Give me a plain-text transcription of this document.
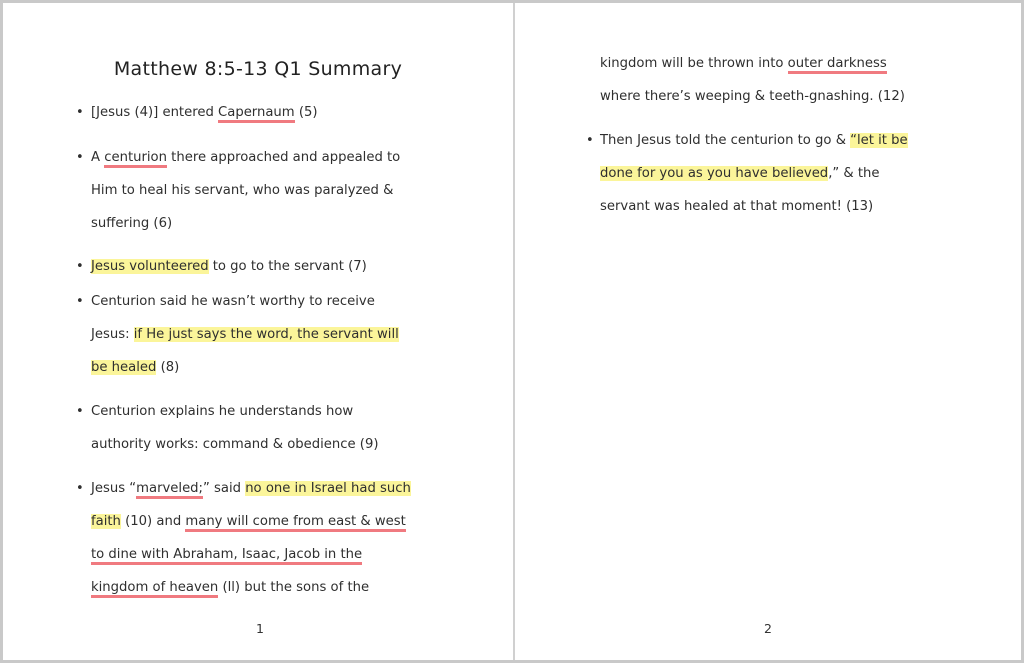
Matthew 8:5-13 Q1 Summary
• [Jesus (4)] entered Capernaum (5)
• A centurion there approached and appealed to
Him to heal his servant, who was paralyzed &
suffering (6)
• Jesus volunteered to go to the servant (7)
• Centurion said he wasn’t worthy to receive
Jesus: if He just says the word, the servant will
be healed (8)
• Centurion explains he understands how
authority works: command & obedience (9)
• Jesus “marveled;” said no one in Israel had such
faith (10) and many will come from east & west
to dine with Abraham, Isaac, Jacob in the
kingdom of heaven (ll) but the sons of the
1
kingdom will be thrown into outer darkness
where there’s weeping & teeth-gnashing. (12)
• Then Jesus told the centurion to go & “let it be
done for you as you have believed,” & the
servant was healed at that moment! (13)
2
